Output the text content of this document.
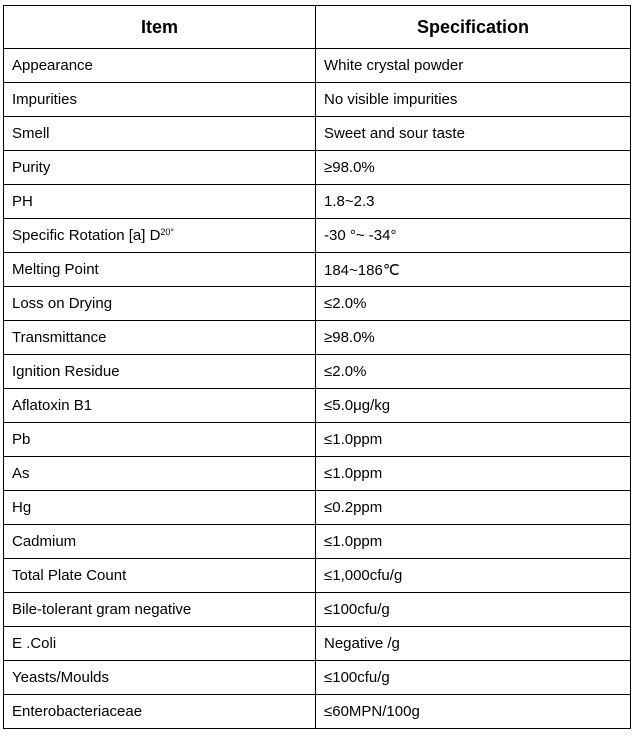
Item	Specification
Appearance	White crystal powder
Impurities	No visible impurities
Smell	Sweet and sour taste
Purity	≥98.0%
PH	1.8~2.3
Specific Rotation [a] $D^{20^\circ}$	-30 °~ -34°
Melting Point	184~186℃
Loss on Drying	≤2.0%
Transmittance	≥98.0%
Ignition Residue	≤2.0%
Aflatoxin B1	≤5.0μg/kg
Pb	≤1.0ppm
As	≤1.0ppm
Hg	≤0.2ppm
Cadmium	≤1.0ppm
Total Plate Count	≤1,000cfu/g
Bile-tolerant gram negative	≤100cfu/g
E .Coli	Negative /g
Yeasts/Moulds	≤100cfu/g
Enterobacteriaceae	≤60MPN/100g
